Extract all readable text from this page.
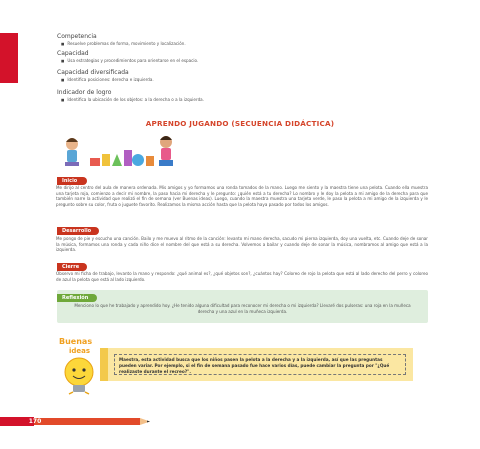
Competencia
■ Resuelve problemas de forma, movimiento y localización.
Capacidad
■ Usa estrategias y procedimientos para orientarse en el espacio.
Capacidad diversificada
■ Identifica posiciones: derecha e izquierda.
Indicador de logro
■ Identifica la ubicación de los objetos: a la derecha o a la izquierda.
APRENDO JUGANDO (SECUENCIA DIDÁCTICA)
Inicio
Me dirijo al centro del aula de manera ordenada. Mis amigos y yo formamos una ronda tomados de la mano. Luego me siento y la maestra tiene una pelota. Cuando ella muestra una tarjeta roja, comienzo a decir mi nombre, la paso hacia mi derecha y le pregunto: ¿quién está a tu derecha? Lo nombro y le doy la pelota a mi amigo de la derecha para que también narre la actividad que realizó el fin de semana (ver Buenas ideas). Luego, cuando la maestra muestra una tarjeta verde, le paso la pelota a mi amigo de la izquierda y le pregunto sobre su color, fruta o juguete favorito. Realizamos la misma acción hasta que la pelota haya pasado por todos los amigos.
Desarrollo
Me pongo de pie y escucho una canción. Bailo y me muevo al ritmo de la canción: levanto mi mano derecha, sacudo mi pierna izquierda, doy una vuelta, etc. Cuando deje de sonar la música, formamos una ronda y cada niño dice el nombre del que está a su derecha. Volvemos a bailar y cuando deje de sonar la música, nombramos al amigo que está a la izquierda.
Cierre
Observo mi ficha de trabajo, levanto la mano y respondo: ¿qué animal es?, ¿qué objetos son?, ¿cuántos hay? Coloreo de rojo la pelota que está al lado derecho del perro y coloreo de azul la pelota que está al lado izquierdo.
Reflexión
Menciono lo que he trabajado y aprendido hoy. ¿He tenido alguna dificultad para reconocer mi derecha o mi izquierda? Llevaré dos pulseras: una roja en la muñeca derecha y una azul en la muñeca izquierda.
Buenas
ideas
Maestra, esta actividad busca que los niños pasen la pelota a la derecha y a la izquierda, así que las preguntas pueden variar. Por ejemplo, si el fin de semana pasado fue hace varios días, puede cambiar la pregunta por "¿Qué realizaste durante el recreo?".
170
